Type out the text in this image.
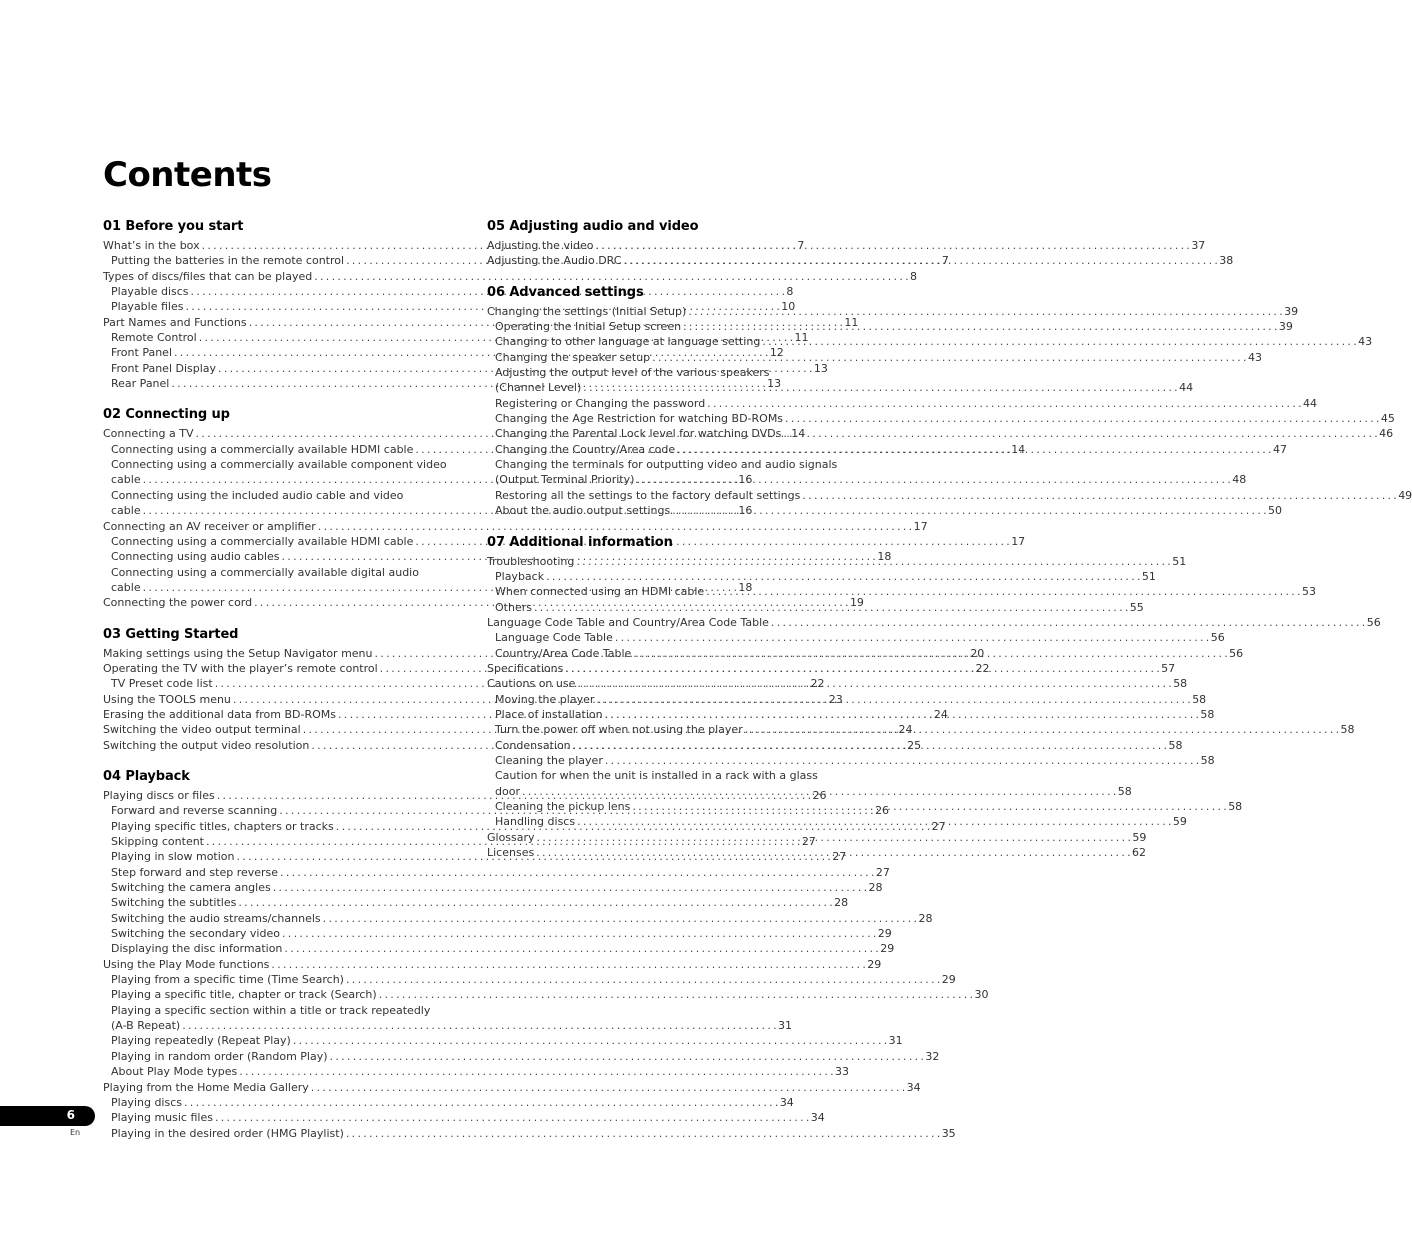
Contents
01 Before you start
What’s in the box . . .	7
Putting the batteries in the remote control . . .	7
Types of discs/files that can be played . . .	8
Playable discs . . .	8
Playable files . . .	10
Part Names and Functions . . .	11
Remote Control . . .	11
Front Panel . . .	12
Front Panel Display . . .	13
Rear Panel . . .	13
02 Connecting up
Connecting a TV . . .	14
Connecting using a commercially available HDMI cable . . .	14
Connecting using a commercially available component video
cable . . .	16
Connecting using the included audio cable and video
cable . . .	16
Connecting an AV receiver or amplifier . . .	17
Connecting using a commercially available HDMI cable . . .	17
Connecting using audio cables . . .	18
Connecting using a commercially available digital audio
cable . . .	18
Connecting the power cord . . .	19
03 Getting Started
Making settings using the Setup Navigator menu . . .	20
Operating the TV with the player’s remote control . . .	22
TV Preset code list . . .	22
Using the TOOLS menu . . .	23
Erasing the additional data from BD-ROMs . . .	24
Switching the video output terminal . . .	24
Switching the output video resolution . . .	25
04 Playback
Playing discs or files . . .	26
Forward and reverse scanning . . .	26
Playing specific titles, chapters or tracks . . .	27
Skipping content . . .	27
Playing in slow motion . . .	27
Step forward and step reverse . . .	27
Switching the camera angles . . .	28
Switching the subtitles . . .	28
Switching the audio streams/channels . . .	28
Switching the secondary video . . .	29
Displaying the disc information . . .	29
Using the Play Mode functions . . .	29
Playing from a specific time (Time Search) . . .	29
Playing a specific title, chapter or track (Search) . . .	30
Playing a specific section within a title or track repeatedly
(A-B Repeat) . . .	31
Playing repeatedly (Repeat Play) . . .	31
Playing in random order (Random Play) . . .	32
About Play Mode types . . .	33
Playing from the Home Media Gallery . . .	34
Playing discs . . .	34
Playing music files . . .	34
Playing in the desired order (HMG Playlist) . . .	35
05 Adjusting audio and video
Adjusting the video . . .	37
Adjusting the Audio DRC . . .	38
06 Advanced settings
Changing the settings (Initial Setup) . . .	39
Operating the Initial Setup screen . . .	39
Changing to other language at language setting . . .	43
Changing the speaker setup . . .	43
Adjusting the output level of the various speakers
(Channel Level) . . .	44
Registering or Changing the password . . .	44
Changing the Age Restriction for watching BD-ROMs . . .	45
Changing the Parental Lock level for watching DVDs . . .	46
Changing the Country/Area code . . .	47
Changing the terminals for outputting video and audio signals
(Output Terminal Priority) . . .	48
Restoring all the settings to the factory default settings . . .	49
About the audio output settings . . .	50
07 Additional information
Troubleshooting . . .	51
Playback . . .	51
When connected using an HDMI cable . . .	53
Others . . .	55
Language Code Table and Country/Area Code Table . . .	56
Language Code Table . . .	56
Country/Area Code Table . . .	56
Specifications . . .	57
Cautions on use . . .	58
Moving the player . . .	58
Place of installation . . .	58
Turn the power off when not using the player . . .	58
Condensation . . .	58
Cleaning the player . . .	58
Caution for when the unit is installed in a rack with a glass
door . . .	58
Cleaning the pickup lens . . .	58
Handling discs . . .	59
Glossary . . .	59
Licenses . . .	62
6
En
